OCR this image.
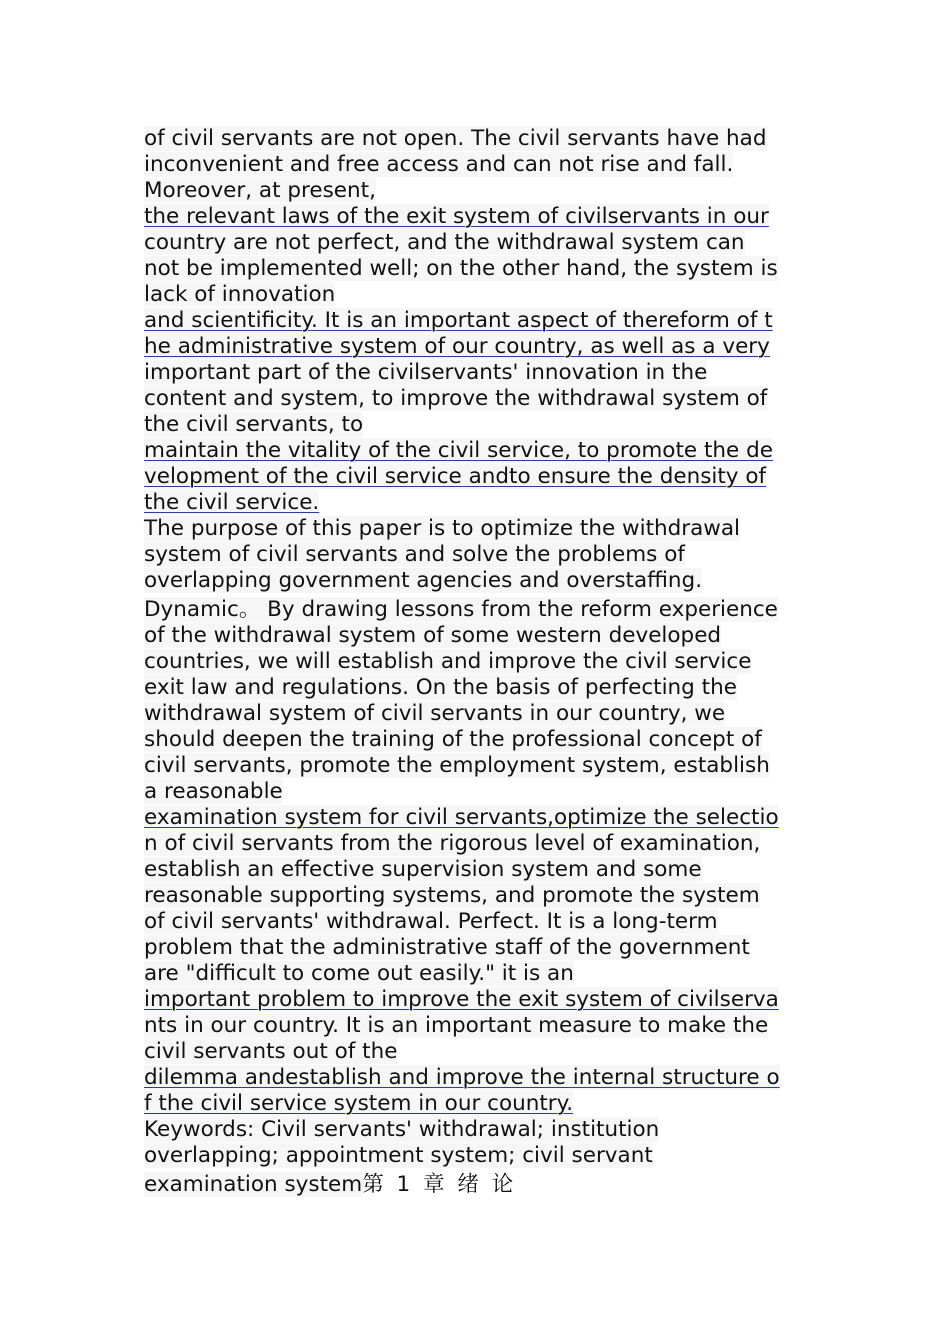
of civil servants are not open. The civil servants have had
inconvenient and free access and can not rise and fall.
Moreover, at present,
the relevant laws of the exit system of civilservants in our
country are not perfect, and the withdrawal system can
not be implemented well; on the other hand, the system is
lack of innovation
and scientificity. It is an important aspect of thereform of t
he administrative system of our country, as well as a very
important part of the civilservants' innovation in the
content and system, to improve the withdrawal system of
the civil servants, to
maintain the vitality of the civil service, to promote the de
velopment of the civil service andto ensure the density of
the civil service.
The purpose of this paper is to optimize the withdrawal
system of civil servants and solve the problems of
overlapping government agencies and overstaffing.
Dynamic。 By drawing lessons from the reform experience
of the withdrawal system of some western developed
countries, we will establish and improve the civil service
exit law and regulations. On the basis of perfecting the
withdrawal system of civil servants in our country, we
should deepen the training of the professional concept of
civil servants, promote the employment system, establish
a reasonable
examination system for civil servants,optimize the selectio
n of civil servants from the rigorous level of examination,
establish an effective supervision system and some
reasonable supporting systems, and promote the system
of civil servants' withdrawal. Perfect. It is a long-term
problem that the administrative staff of the government
are "difficult to come out easily." it is an
important problem to improve the exit system of civilserva
nts in our country. It is an important measure to make the
civil servants out of the
dilemma andestablish and improve the internal structure o
f the civil service system in our country.
Keywords: Civil servants' withdrawal; institution
overlapping; appointment system; civil servant
examination system第 1 章 绪 论
